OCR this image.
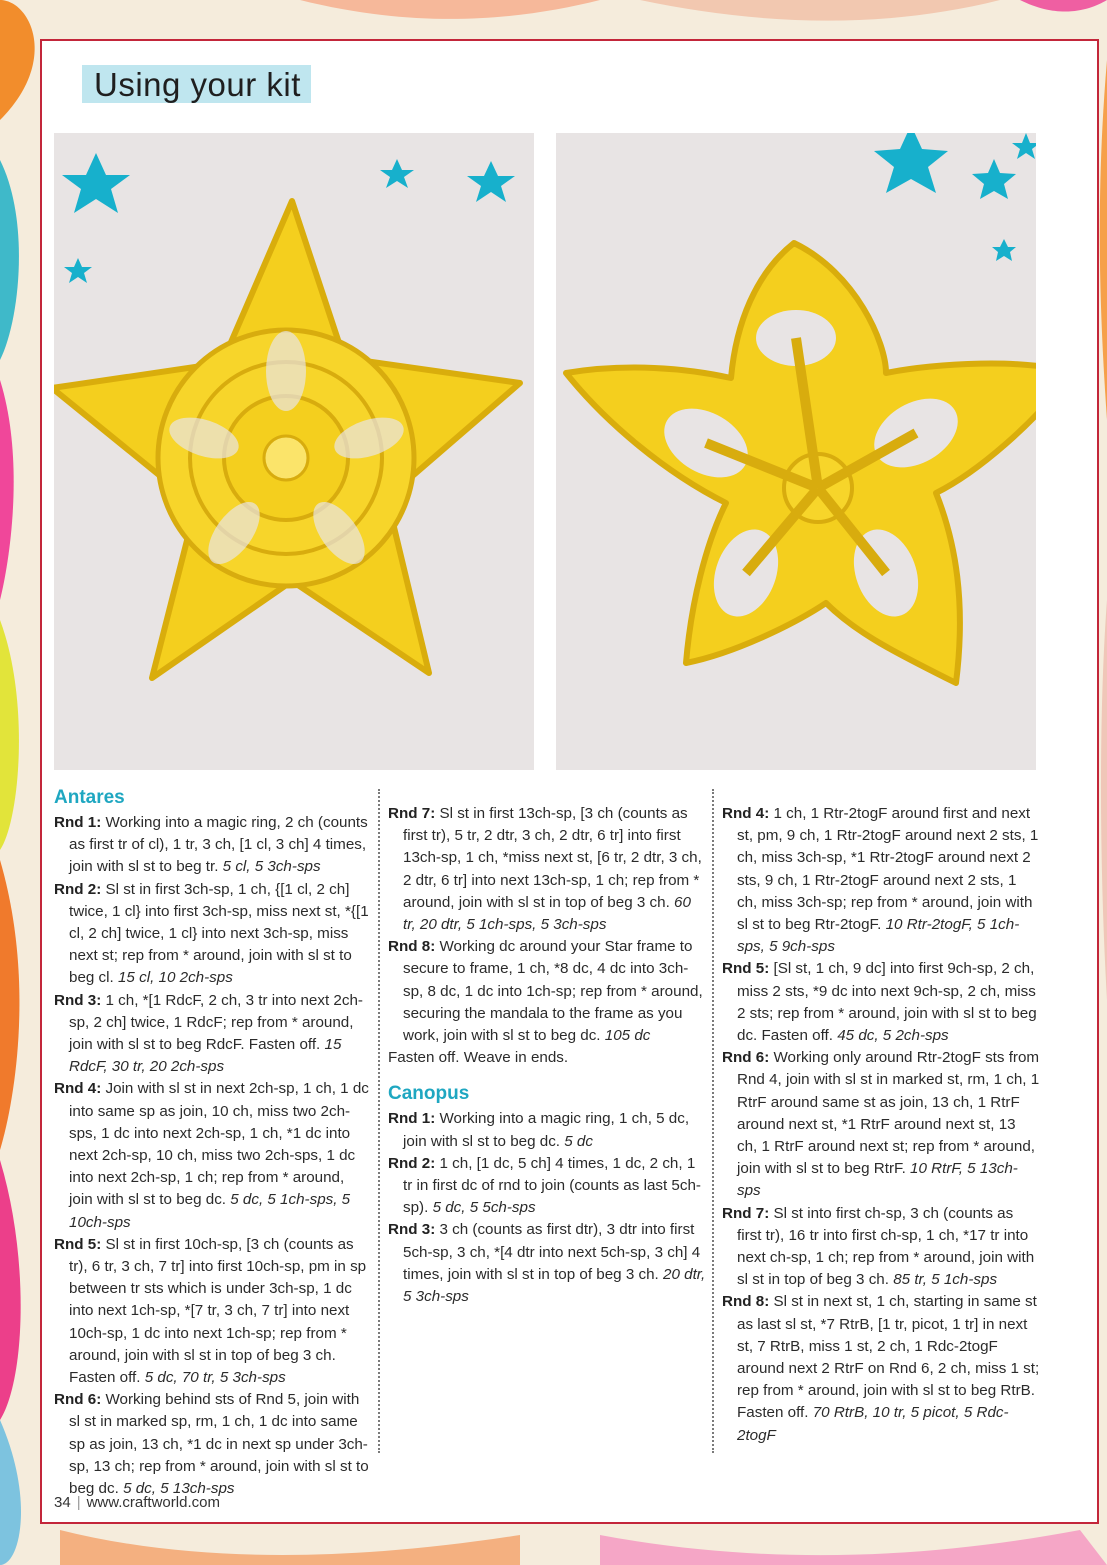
Using your kit
Antares

Rnd 1: Working into a magic ring, 2 ch (counts as first tr of cl), 1 tr, 3 ch, [1 cl, 3 ch] 4 times, join with sl st to beg tr. 5 cl, 5 3ch-sps

Rnd 2: Sl st in first 3ch-sp, 1 ch, {[1 cl, 2 ch] twice, 1 cl} into first 3ch-sp, miss next st, *{[1 cl, 2 ch] twice, 1 cl} into next 3ch-sp, miss next st; rep from * around, join with sl st to beg cl. 15 cl, 10 2ch-sps

Rnd 3: 1 ch, *[1 RdcF, 2 ch, 3 tr into next 2ch-sp, 2 ch] twice, 1 RdcF; rep from * around, join with sl st to beg RdcF. Fasten off. 15 RdcF, 30 tr, 20 2ch-sps

Rnd 4: Join with sl st in next 2ch-sp, 1 ch, 1 dc into same sp as join, 10 ch, miss two 2ch-sps, 1 dc into next 2ch-sp, 1 ch, *1 dc into next 2ch-sp, 10 ch, miss two 2ch-sps, 1 dc into next 2ch-sp, 1 ch; rep from * around, join with sl st to beg dc. 5 dc, 5 1ch-sps, 5 10ch-sps

Rnd 5: Sl st in first 10ch-sp, [3 ch (counts as tr), 6 tr, 3 ch, 7 tr] into first 10ch-sp, pm in sp between tr sts which is under 3ch-sp, 1 dc into next 1ch-sp, *[7 tr, 3 ch, 7 tr] into next 10ch-sp, 1 dc into next 1ch-sp; rep from * around, join with sl st in top of beg 3 ch. Fasten off. 5 dc, 70 tr, 5 3ch-sps

Rnd 6: Working behind sts of Rnd 5, join with sl st in marked sp, rm, 1 ch, 1 dc into same sp as join, 13 ch, *1 dc in next sp under 3ch-sp, 13 ch; rep from * around, join with sl st to beg dc. 5 dc, 5 13ch-sps

Rnd 7: Sl st in first 13ch-sp, [3 ch (counts as first tr), 5 tr, 2 dtr, 3 ch, 2 dtr, 6 tr] into first 13ch-sp, 1 ch, *miss next st, [6 tr, 2 dtr, 3 ch, 2 dtr, 6 tr] into next 13ch-sp, 1 ch; rep from * around, join with sl st in top of beg 3 ch. 60 tr, 20 dtr, 5 1ch-sps, 5 3ch-sps

Rnd 8: Working dc around your Star frame to secure to frame, 1 ch, *8 dc, 4 dc into 3ch-sp, 8 dc, 1 dc into 1ch-sp; rep from * around, securing the mandala to the frame as you work, join with sl st to beg dc. 105 dc

Fasten off. Weave in ends.

Canopus

Rnd 1: Working into a magic ring, 1 ch, 5 dc, join with sl st to beg dc. 5 dc

Rnd 2: 1 ch, [1 dc, 5 ch] 4 times, 1 dc, 2 ch, 1 tr in first dc of rnd to join (counts as last 5ch-sp). 5 dc, 5 5ch-sps

Rnd 3: 3 ch (counts as first dtr), 3 dtr into first 5ch-sp, 3 ch, *[4 dtr into next 5ch-sp, 3 ch] 4 times, join with sl st in top of beg 3 ch. 20 dtr, 5 3ch-sps

Rnd 4: 1 ch, 1 Rtr-2togF around first and next st, pm, 9 ch, 1 Rtr-2togF around next 2 sts, 1 ch, miss 3ch-sp, *1 Rtr-2togF around next 2 sts, 9 ch, 1 Rtr-2togF around next 2 sts, 1 ch, miss 3ch-sp; rep from * around, join with sl st to beg Rtr-2togF. 10 Rtr-2togF, 5 1ch-sps, 5 9ch-sps

Rnd 5: [Sl st, 1 ch, 9 dc] into first 9ch-sp, 2 ch, miss 2 sts, *9 dc into next 9ch-sp, 2 ch, miss 2 sts; rep from * around, join with sl st to beg dc. Fasten off. 45 dc, 5 2ch-sps

Rnd 6: Working only around Rtr-2togF sts from Rnd 4, join with sl st in marked st, rm, 1 ch, 1 RtrF around same st as join, 13 ch, 1 RtrF around next st, *1 RtrF around next st, 13 ch, 1 RtrF around next st; rep from * around, join with sl st to beg RtrF. 10 RtrF, 5 13ch-sps

Rnd 7: Sl st into first ch-sp, 3 ch (counts as first tr), 16 tr into first ch-sp, 1 ch, *17 tr into next ch-sp, 1 ch; rep from * around, join with sl st in top of beg 3 ch. 85 tr, 5 1ch-sps

Rnd 8: Sl st in next st, 1 ch, starting in same st as last sl st, *7 RtrB, [1 tr, picot, 1 tr] in next st, 7 RtrB, miss 1 st, 2 ch, 1 Rdc-2togF around next 2 RtrF on Rnd 6, 2 ch, miss 1 st; rep from * around, join with sl st to beg RtrB. Fasten off. 70 RtrB, 10 tr, 5 picot, 5 Rdc-2togF

34 | www.craftworld.com
